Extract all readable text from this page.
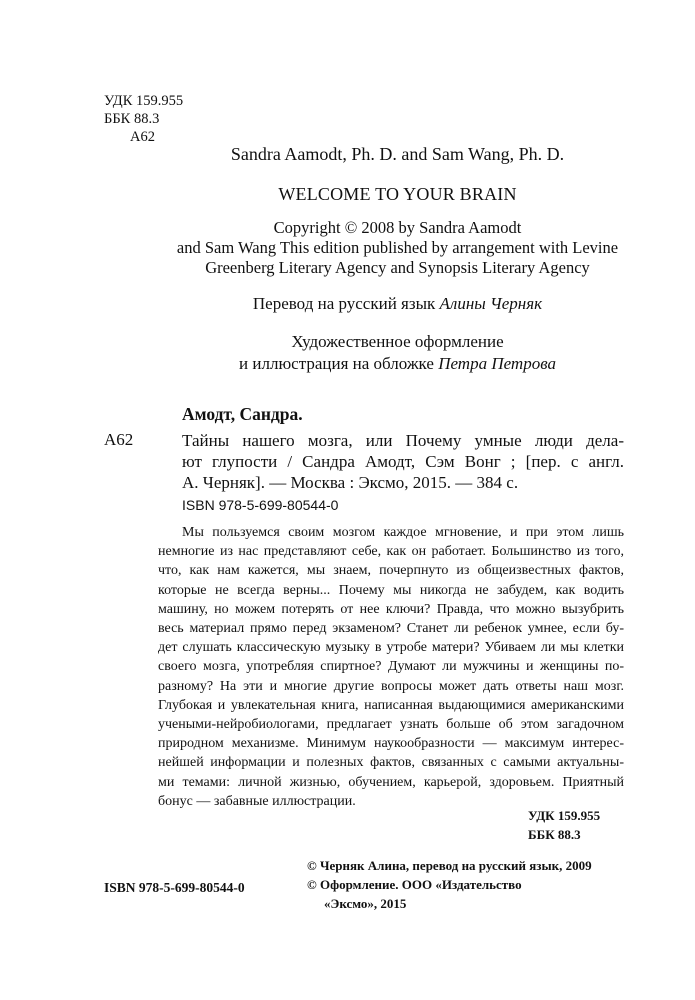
УДК 159.955
ББК 88.3
А62
Sandra Aamodt, Ph. D. and Sam Wang, Ph. D.
WELCOME TO YOUR BRAIN
Copyright © 2008 by Sandra Aamodt
and Sam Wang This edition published by arrangement with Levine
Greenberg Literary Agency and Synopsis Literary Agency
Перевод на русский язык Алины Черняк
Художественное оформление
и иллюстрация на обложке Петра Петрова
Амодт, Сандра.
А62	Тайны нашего мозга, или Почему умные люди дела-
ют глупости / Сандра Амодт, Сэм Вонг ; [пер. с англ.
А. Черняк]. — Москва : Эксмо, 2015. — 384 с.
ISBN 978-5-699-80544-0
Мы пользуемся своим мозгом каждое мгновение, и при этом лишь
немногие из нас представляют себе, как он работает. Большинство из того,
что, как нам кажется, мы знаем, почерпнуто из общеизвестных фактов,
которые не всегда верны... Почему мы никогда не забудем, как водить
машину, но можем потерять от нее ключи? Правда, что можно вызубрить
весь материал прямо перед экзаменом? Станет ли ребенок умнее, если бу-
дет слушать классическую музыку в утробе матери? Убиваем ли мы клетки
своего мозга, употребляя спиртное? Думают ли мужчины и женщины по-
разному? На эти и многие другие вопросы может дать ответы наш мозг.
Глубокая и увлекательная книга, написанная выдающимися американскими
учеными-нейробиологами, предлагает узнать больше об этом загадочном
природном механизме. Минимум наукообразности — максимум интерес-
нейшей информации и полезных фактов, связанных с самыми актуальны-
ми темами: личной жизнью, обучением, карьерой, здоровьем. Приятный
бонус — забавные иллюстрации.
УДК 159.955
ББК 88.3
© Черняк Алина, перевод на русский язык, 2009
© Оформление. ООО «Издательство
«Эксмо», 2015
ISBN 978-5-699-80544-0
